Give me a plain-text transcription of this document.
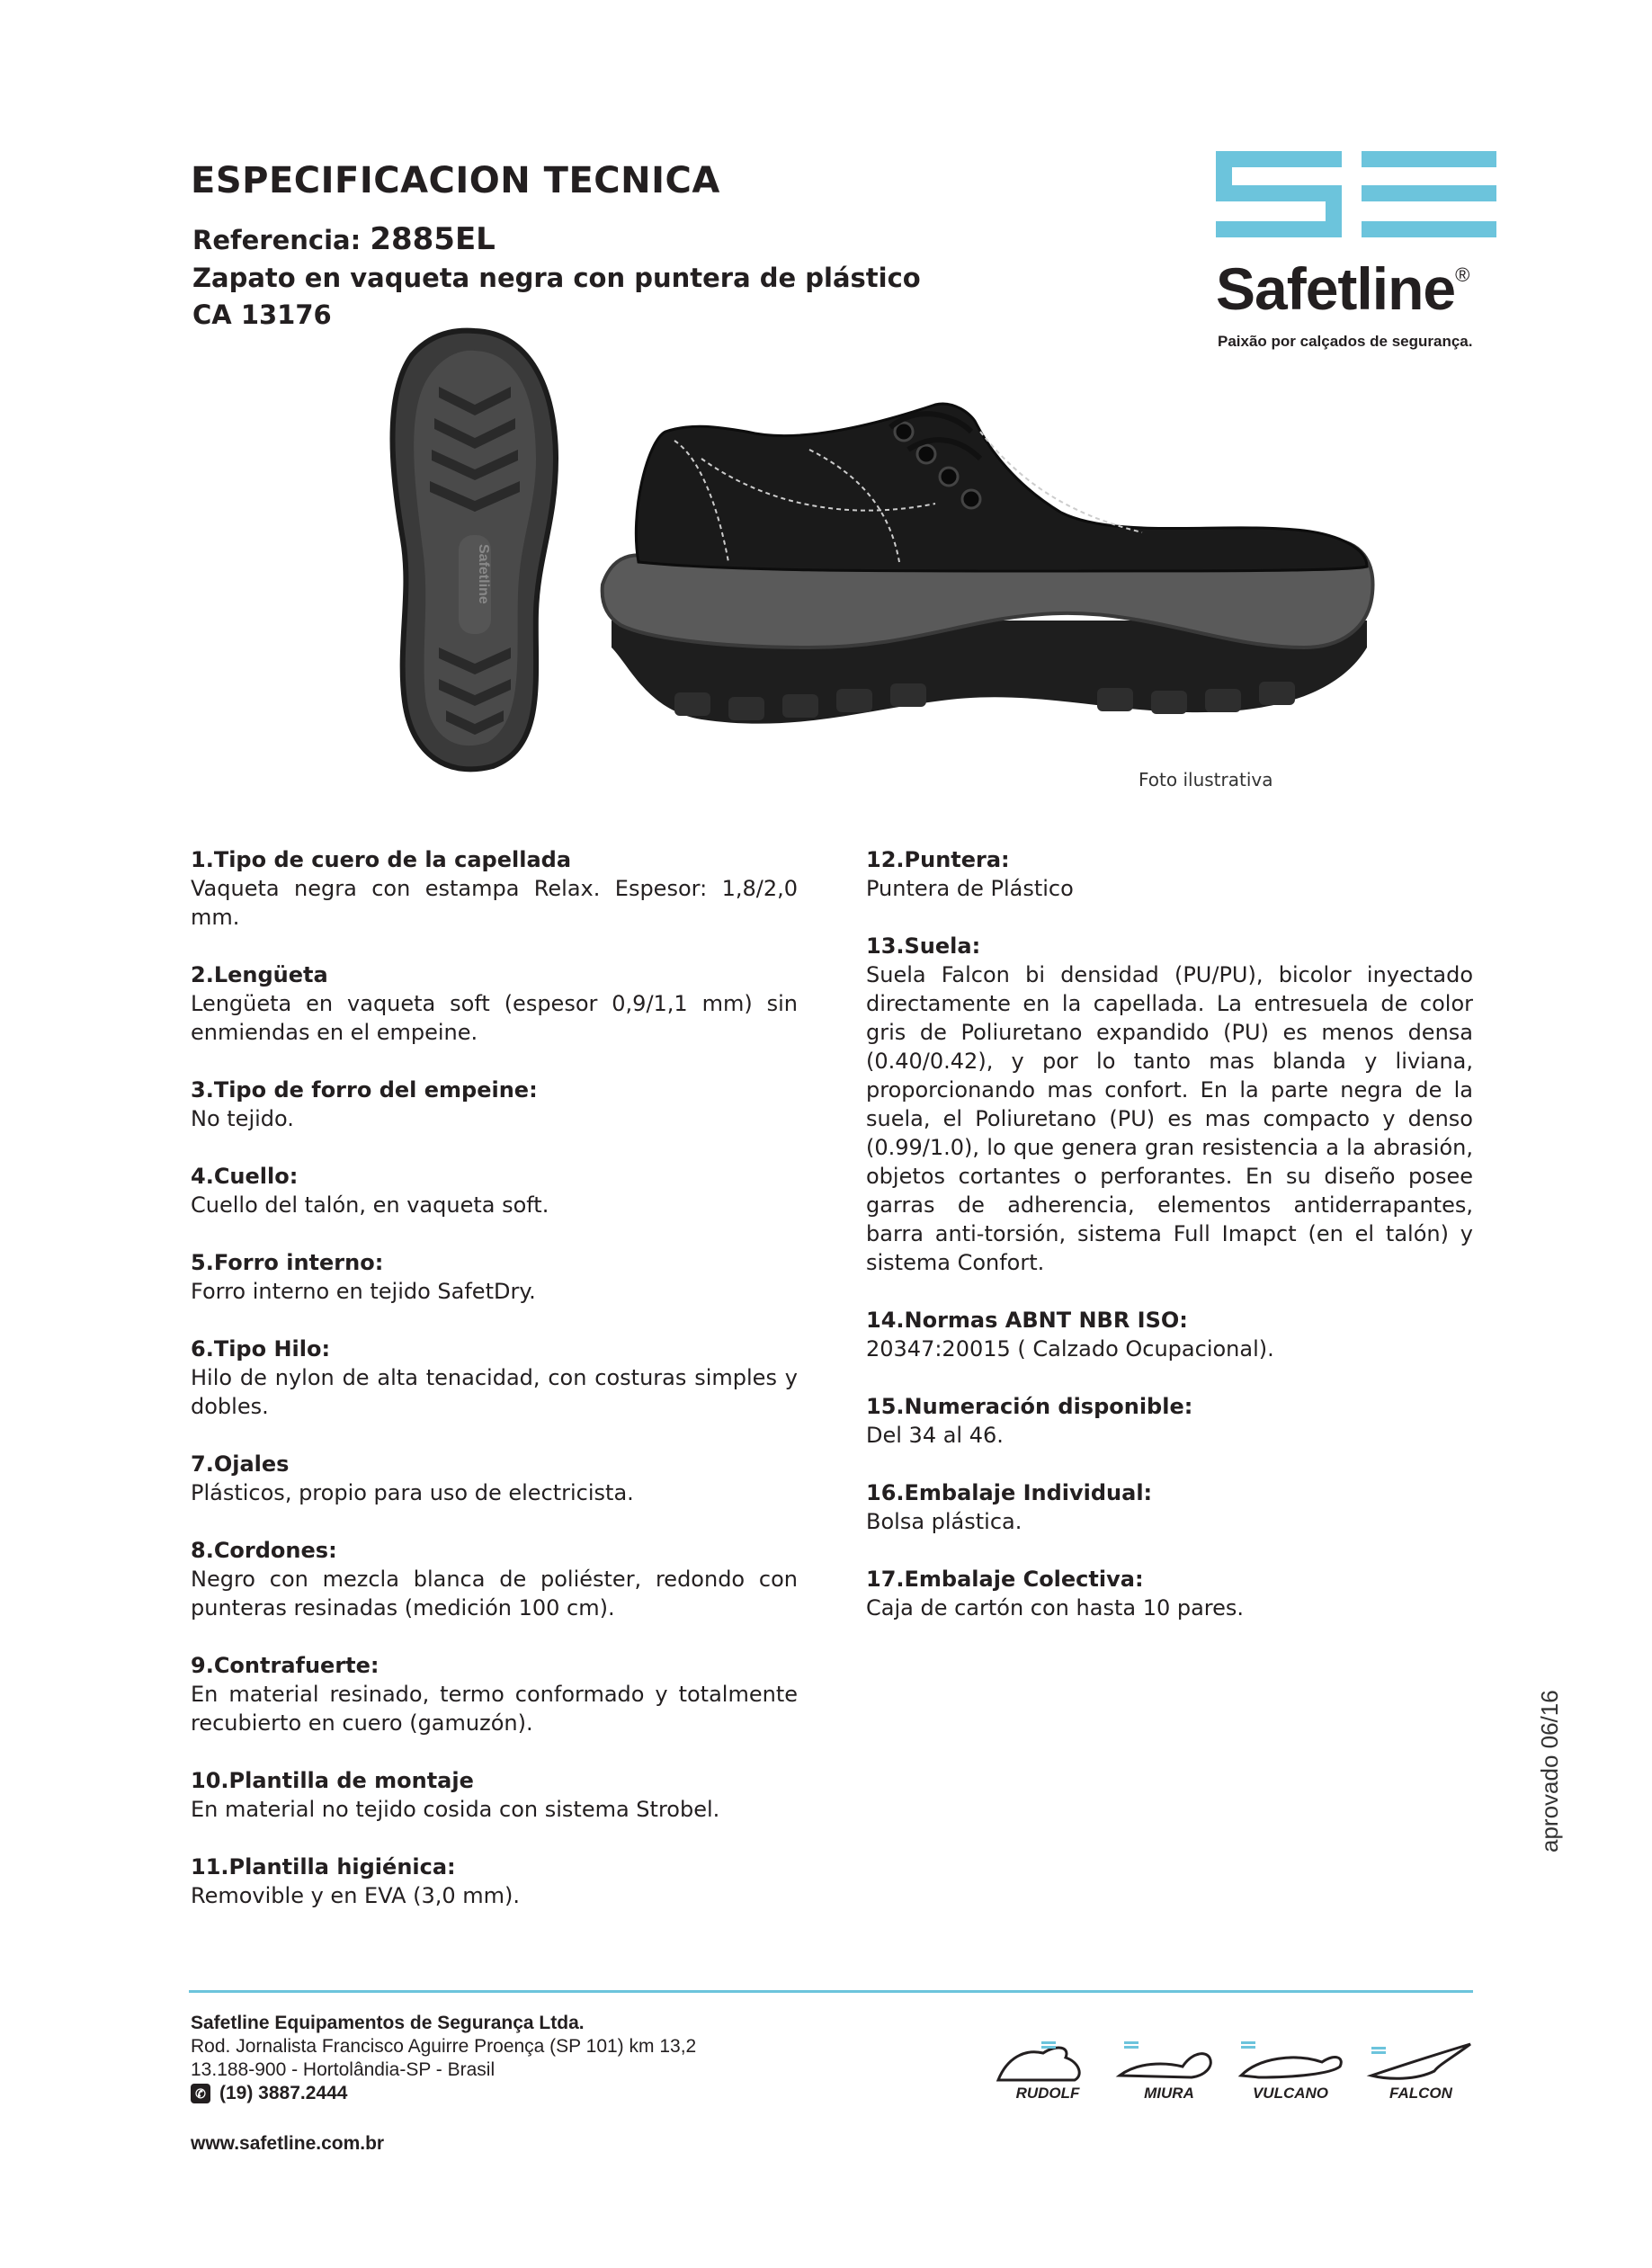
ESPECIFICACION TECNICA
Referencia: 2885EL
Zapato en vaqueta negra con puntera de plástico
CA 13176	Safetline®
Paixão por calçados de segurança.
Safetline
Foto ilustrativa
1.Tipo de cuero de la capellada
Vaqueta negra con estampa Relax. Espesor: 1,8/2,0 mm.
2.Lengüeta
Lengüeta en vaqueta soft (espesor 0,9/1,1 mm) sin enmiendas en el empeine.
3.Tipo de forro del empeine:
No tejido.
4.Cuello:
Cuello del talón, en vaqueta soft.
5.Forro interno:
Forro interno en tejido SafetDry.
6.Tipo Hilo:
Hilo de nylon de alta tenacidad, con costuras simples y dobles.
7.Ojales
Plásticos, propio para uso de electricista.
8.Cordones:
Negro con mezcla blanca de poliéster, redondo con punteras resinadas (medición 100 cm).
9.Contrafuerte:
En material resinado, termo conformado y totalmente recubierto en cuero (gamuzón).
10.Plantilla de montaje
En material no tejido cosida con sistema Strobel.
11.Plantilla higiénica:
Removible y en EVA (3,0 mm).
12.Puntera:
Puntera de Plástico
13.Suela:
Suela Falcon bi densidad (PU/PU), bicolor inyectado directamente en la capellada. La entresuela de color gris de Poliuretano expandido (PU) es menos densa (0.40/0.42), y por lo tanto mas blanda y liviana, proporcionando mas confort. En la parte negra de la suela, el Poliuretano (PU) es mas compacto y denso (0.99/1.0), lo que genera gran resistencia a la abrasión, objetos cortantes o perforantes. En su diseño posee garras de adherencia, elementos antiderrapantes, barra anti-torsión, sistema Full Imapct (en el talón) y sistema Confort.
14.Normas ABNT NBR ISO:
20347:20015 ( Calzado Ocupacional).
15.Numeración disponible:
Del 34 al 46.
16.Embalaje Individual:
Bolsa plástica.
17.Embalaje Colectiva:
Caja de cartón con hasta 10 pares.
aprovado 06/16
Safetline Equipamentos de Segurança Ltda.
Rod. Jornalista Francisco Aguirre Proença (SP 101) km 13,2
13.188-900 - Hortolândia-SP - Brasil
✆ (19) 3887.2444
www.safetline.com.br
RUDOLF	MIURA	VULCANO	FALCON
